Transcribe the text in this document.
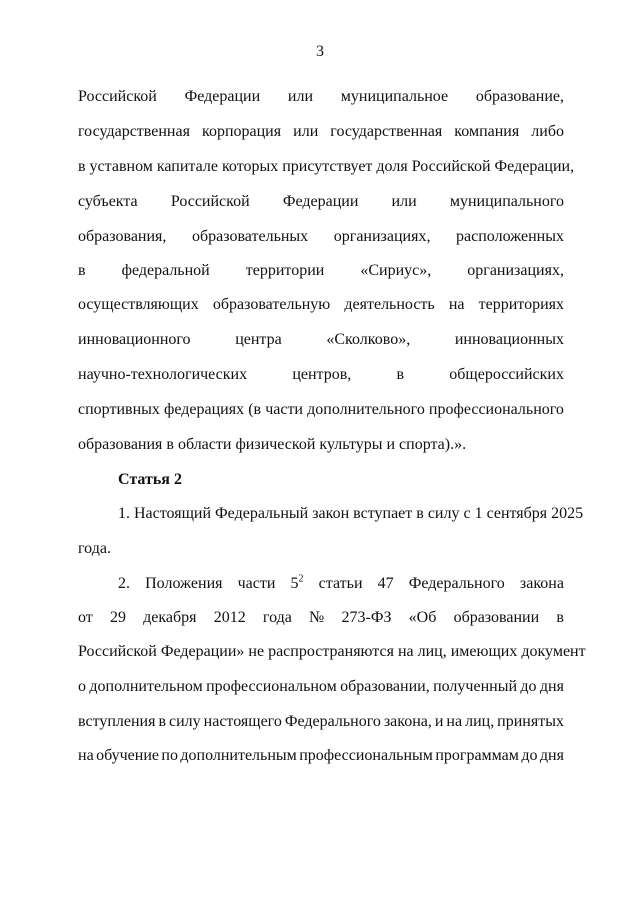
3
Российской Федерации или муниципальное образование,
государственная корпорация или государственная компания либо
в уставном капитале которых присутствует доля Российской Федерации,
субъекта Российской Федерации или муниципального
образования, образовательных организациях, расположенных
в федеральной территории «Сириус», организациях,
осуществляющих образовательную деятельность на территориях
инновационного	центра	«Сколково»,	инновационных
научно-технологических	центров,	в	общероссийских
спортивных федерациях (в части дополнительного профессионального
образования в области физической культуры и спорта).».
Статья 2
1. Настоящий Федеральный закон вступает в силу с 1 сентября 2025
года.
2. Положения части $5^2$ статьи 47 Федерального закона
от 29 декабря 2012 года № 273-ФЗ «Об образовании в
Российской Федерации» не распространяются на лиц, имеющих документ
о дополнительном профессиональном образовании, полученный до дня
вступления в силу настоящего Федерального закона, и на лиц, принятых
на обучение по дополнительным профессиональным программам до дня
